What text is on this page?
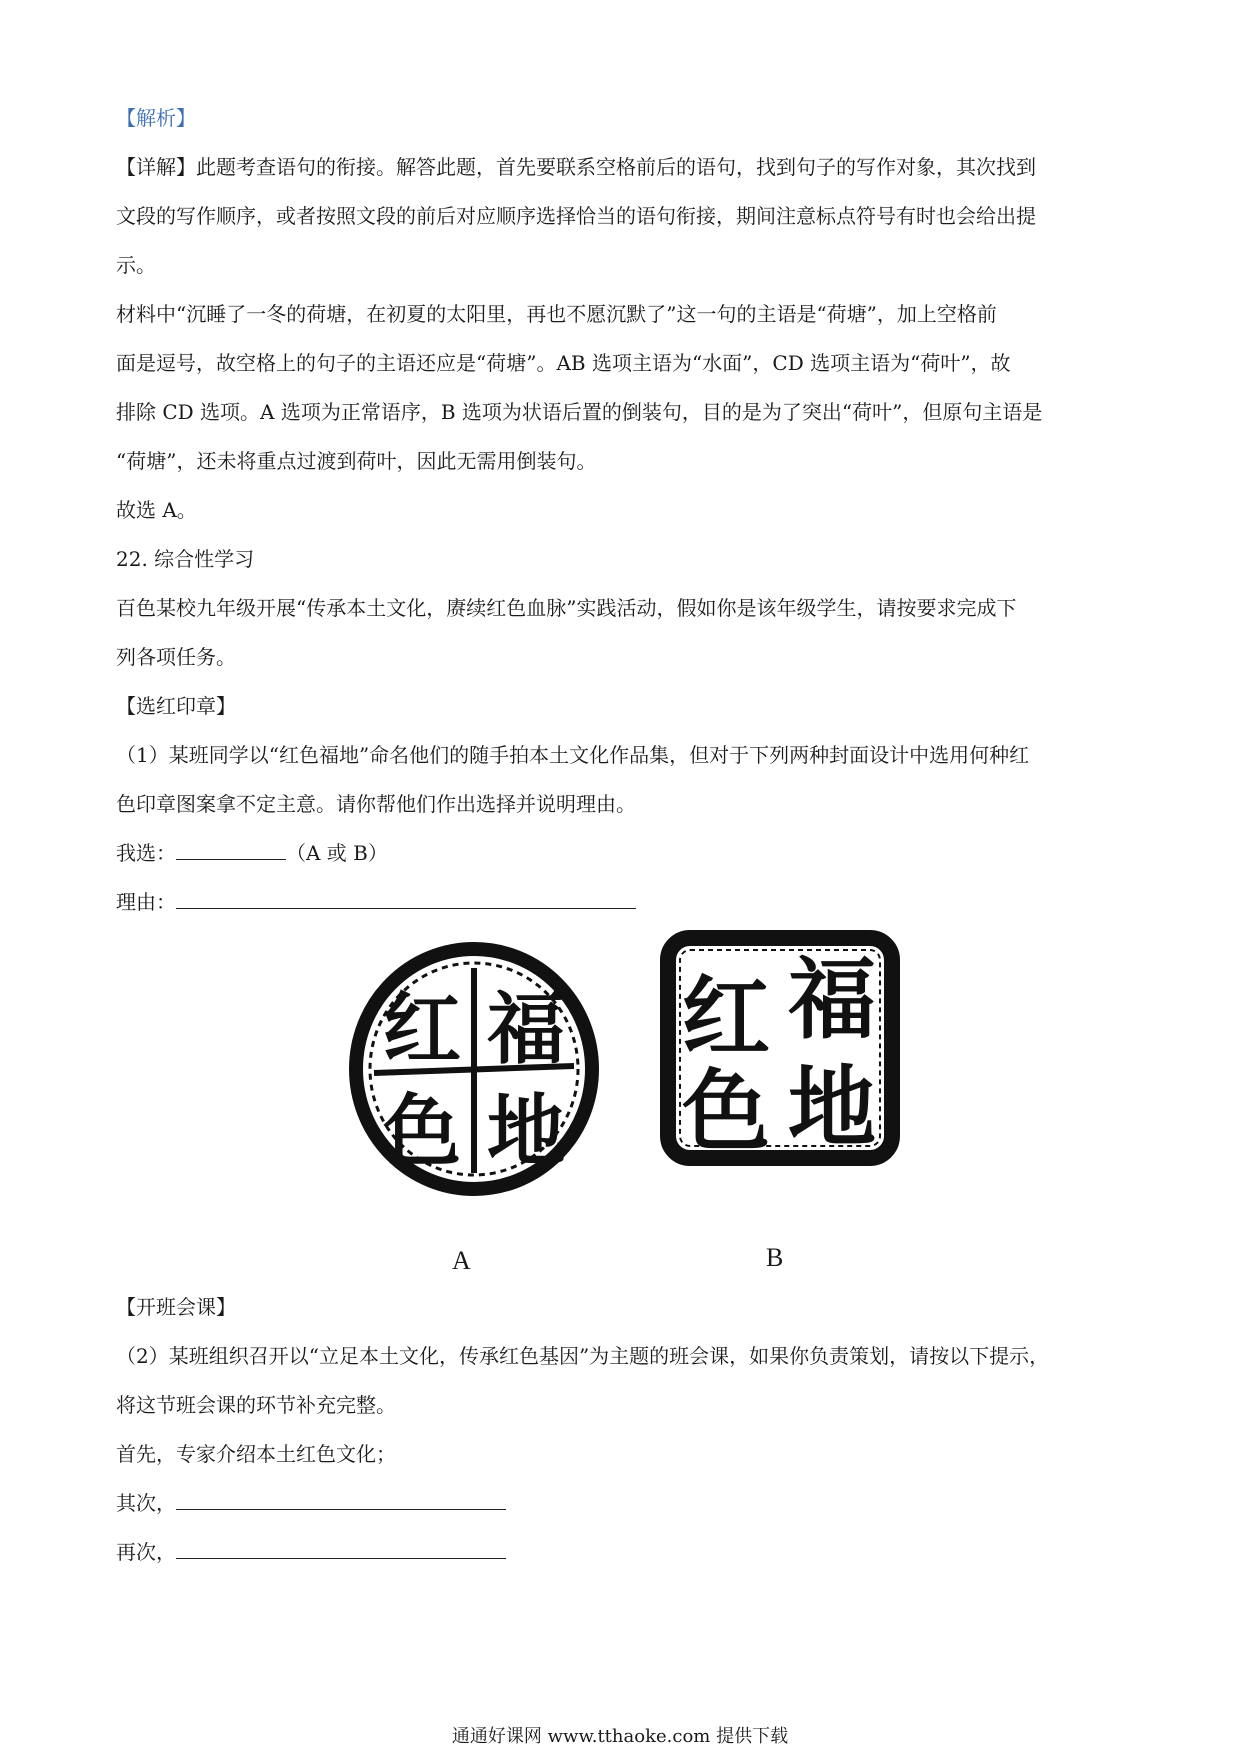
【解析】
【详解】此题考查语句的衔接。解答此题，首先要联系空格前后的语句，找到句子的写作对象，其次找到
文段的写作顺序，或者按照文段的前后对应顺序选择恰当的语句衔接，期间注意标点符号有时也会给出提
示。
材料中“沉睡了一冬的荷塘，在初夏的太阳里，再也不愿沉默了”这一句的主语是“荷塘”，加上空格前
面是逗号，故空格上的句子的主语还应是“荷塘”。AB 选项主语为“水面”，CD 选项主语为“荷叶”，故
排除 CD 选项。A 选项为正常语序，B 选项为状语后置的倒装句，目的是为了突出“荷叶”，但原句主语是
“荷塘”，还未将重点过渡到荷叶，因此无需用倒装句。
故选 A。
22. 综合性学习
百色某校九年级开展“传承本土文化，赓续红色血脉”实践活动，假如你是该年级学生，请按要求完成下
列各项任务。
【选红印章】
（1）某班同学以“红色福地”命名他们的随手拍本土文化作品集，但对于下列两种封面设计中选用何种红
色印章图案拿不定主意。请你帮他们作出选择并说明理由。
我选：	（A 或 B）
理由：
红 福
色 地
红 福
色 地
A	B
【开班会课】
（2）某班组织召开以“立足本土文化，传承红色基因”为主题的班会课，如果你负责策划，请按以下提示，
将这节班会课的环节补充完整。
首先，专家介绍本土红色文化；
其次，
再次，
通通好课网 www.tthaoke.com 提供下载
